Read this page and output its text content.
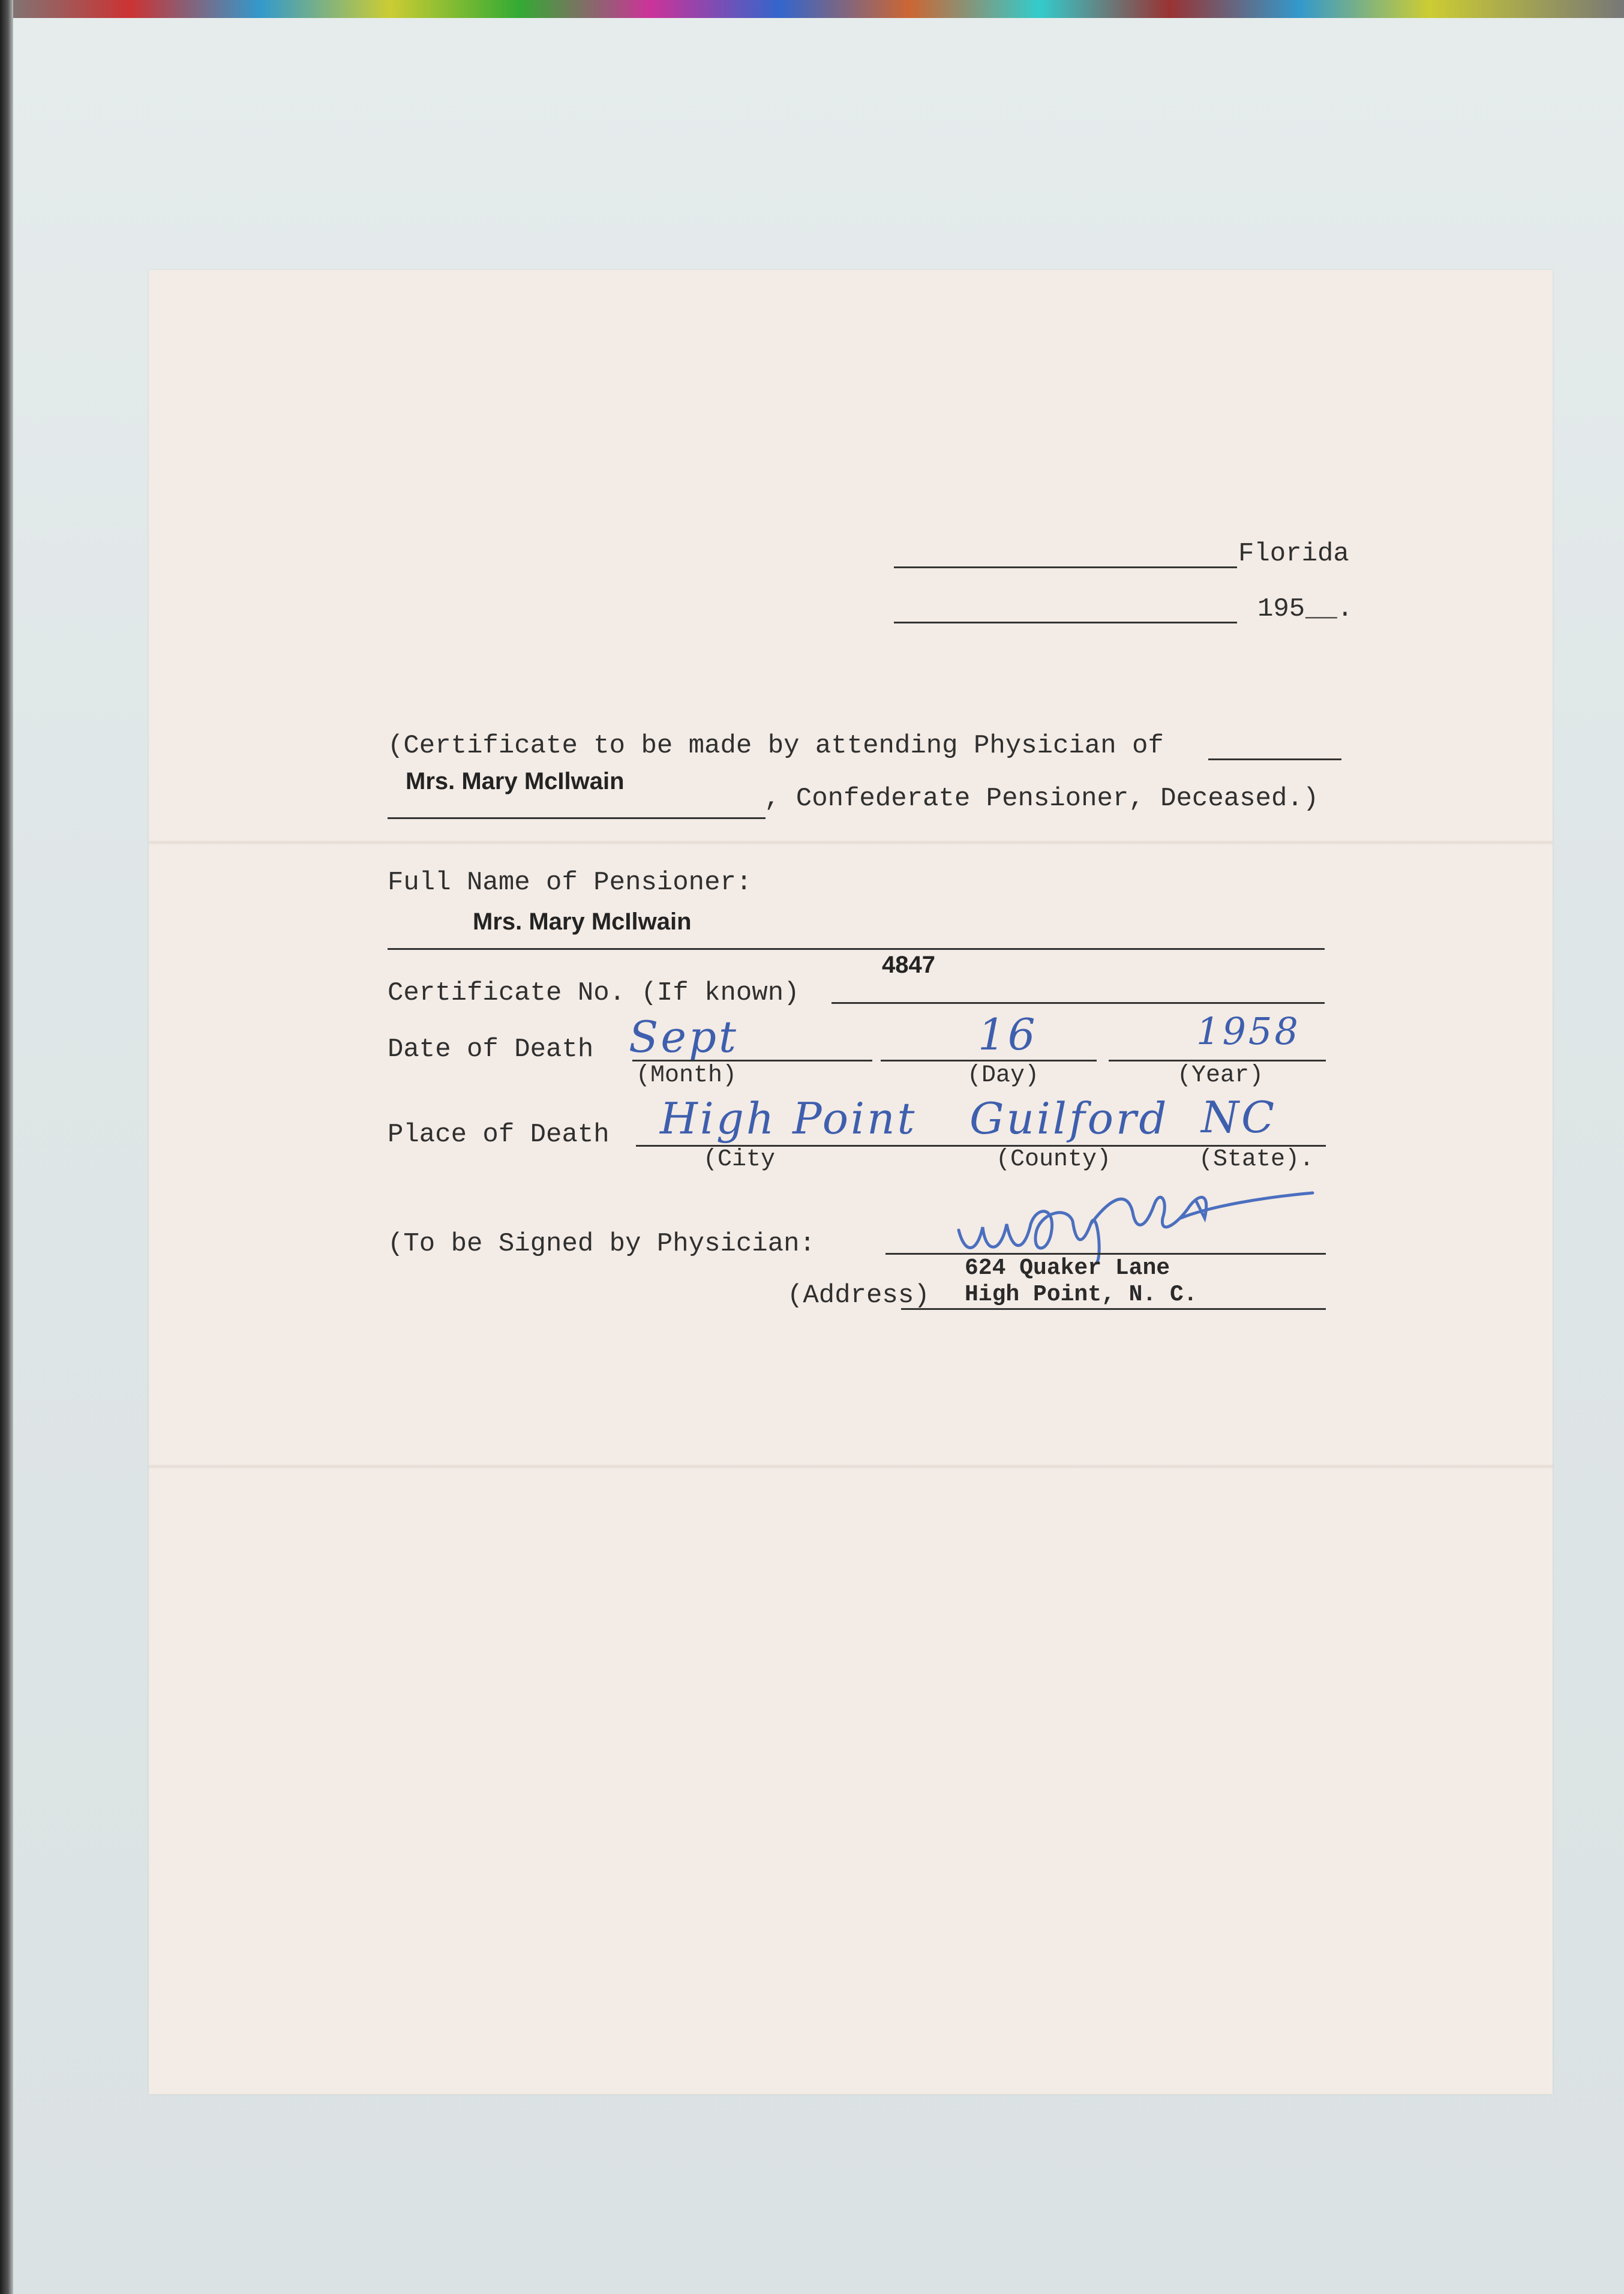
Florida
195 __.
(Certificate to be made by attending Physician of
Mrs. Mary McIlwain
, Confederate Pensioner, Deceased.)
Full Name of Pensioner:
Mrs. Mary McIlwain
4847
Certificate No. (If known)
Date of Death Sept
(Month)
16
(Day)
1958
(Year)
Place of Death High Point
(City
Guilford
(County)
NC
(State).
(To be Signed by Physician:
624 Quaker Lane
(Address) High Point, N. C.
